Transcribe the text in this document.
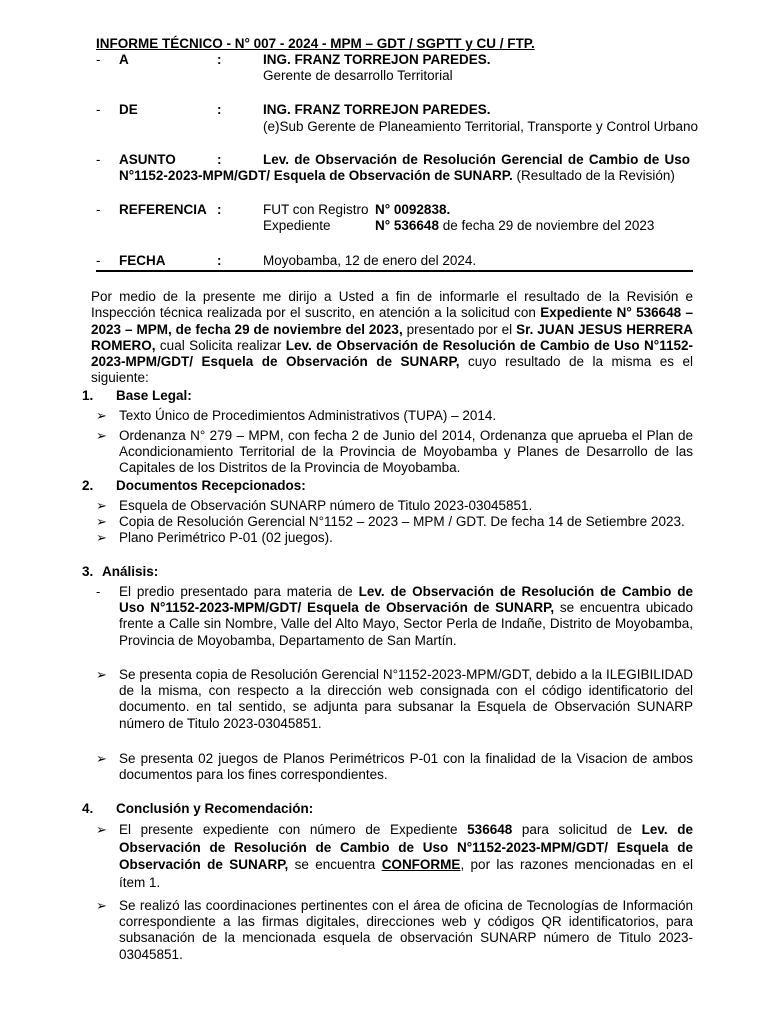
INFORME TÉCNICO - N° 007 - 2024 - MPM – GDT / SGPTT y CU / FTP.
- A	:	ING. FRANZ TORREJON PAREDES.
Gerente de desarrollo Territorial
- DE	:	ING. FRANZ TORREJON PAREDES.
(e)Sub Gerente de Planeamiento Territorial, Transporte y Control Urbano
- ASUNTO	:	Lev. de Observación de Resolución Gerencial de Cambio de Uso
N°1152-2023-MPM/GDT/ Esquela de Observación de SUNARP. (Resultado de la Revisión)
- REFERENCIA :	FUT con Registro N° 0092838.
Expediente	N° 536648 de fecha 29 de noviembre del 2023
- FECHA	:	Moyobamba, 12 de enero del 2024.
Por medio de la presente me dirijo a Usted a fin de informarle el resultado de la Revisión e Inspección técnica realizada por el suscrito, en atención a la solicitud con Expediente N° 536648 – 2023 – MPM, de fecha 29 de noviembre del 2023, presentado por el Sr. JUAN JESUS HERRERA ROMERO, cual Solicita realizar Lev. de Observación de Resolución de Cambio de Uso N°1152-2023-MPM/GDT/ Esquela de Observación de SUNARP, cuyo resultado de la misma es el siguiente:
1. Base Legal:
➢ Texto Único de Procedimientos Administrativos (TUPA) – 2014.
➢ Ordenanza N° 279 – MPM, con fecha 2 de Junio del 2014, Ordenanza que aprueba el Plan de Acondicionamiento Territorial de la Provincia de Moyobamba y Planes de Desarrollo de las Capitales de los Distritos de la Provincia de Moyobamba.
2. Documentos Recepcionados:
➢ Esquela de Observación SUNARP número de Titulo 2023-03045851.
➢ Copia de Resolución Gerencial N°1152 – 2023 – MPM / GDT. De fecha 14 de Setiembre 2023.
➢ Plano Perimétrico P-01 (02 juegos).
3. Análisis:
-	El predio presentado para materia de Lev. de Observación de Resolución de Cambio de Uso N°1152-2023-MPM/GDT/ Esquela de Observación de SUNARP, se encuentra ubicado frente a Calle sin Nombre, Valle del Alto Mayo, Sector Perla de Indañe, Distrito de Moyobamba, Provincia de Moyobamba, Departamento de San Martín.
➢ Se presenta copia de Resolución Gerencial N°1152-2023-MPM/GDT, debido a la ILEGIBILIDAD de la misma, con respecto a la dirección web consignada con el código identificatorio del documento. en tal sentido, se adjunta para subsanar la Esquela de Observación SUNARP número de Titulo 2023-03045851.
➢ Se presenta 02 juegos de Planos Perimétricos P-01 con la finalidad de la Visacion de ambos documentos para los fines correspondientes.
4. Conclusión y Recomendación:
➢ El presente expediente con número de Expediente 536648 para solicitud de Lev. de Observación de Resolución de Cambio de Uso N°1152-2023-MPM/GDT/ Esquela de Observación de SUNARP, se encuentra CONFORME, por las razones mencionadas en el ítem 1.
➢ Se realizó las coordinaciones pertinentes con el área de oficina de Tecnologías de Información correspondiente a las firmas digitales, direcciones web y códigos QR identificatorios, para subsanación de la mencionada esquela de observación SUNARP número de Titulo 2023-03045851.
